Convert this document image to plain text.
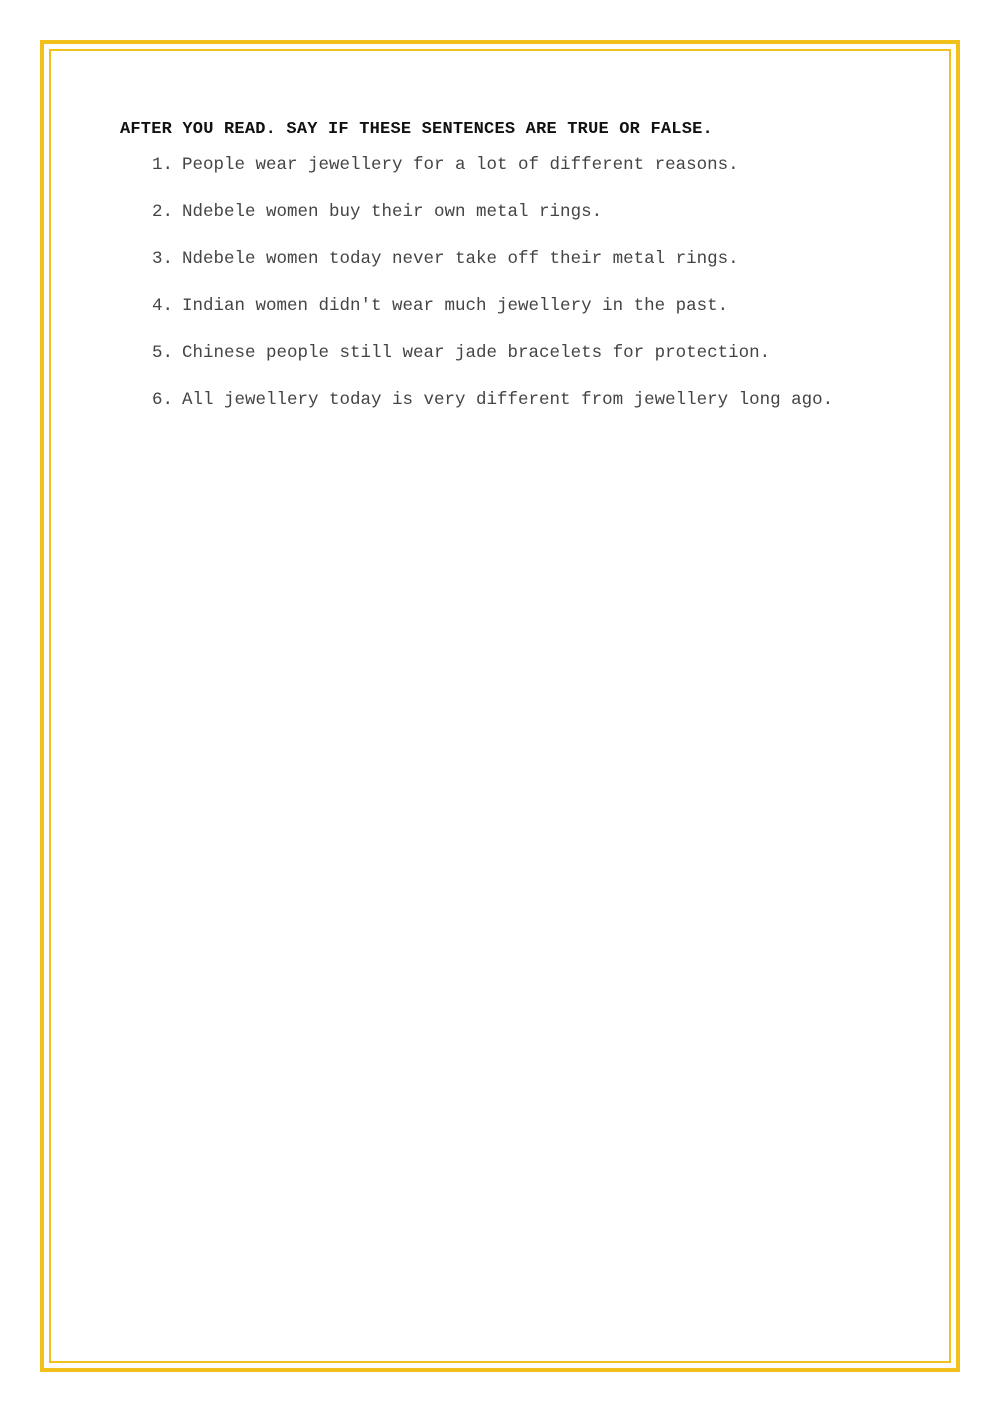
AFTER YOU READ. SAY IF THESE SENTENCES ARE TRUE OR FALSE.

1. People wear jewellery for a lot of different reasons.
2. Ndebele women buy their own metal rings.
3. Ndebele women today never take off their metal rings.
4. Indian women didn't wear much jewellery in the past.
5. Chinese people still wear jade bracelets for protection.
6. All jewellery today is very different from jewellery long ago.
